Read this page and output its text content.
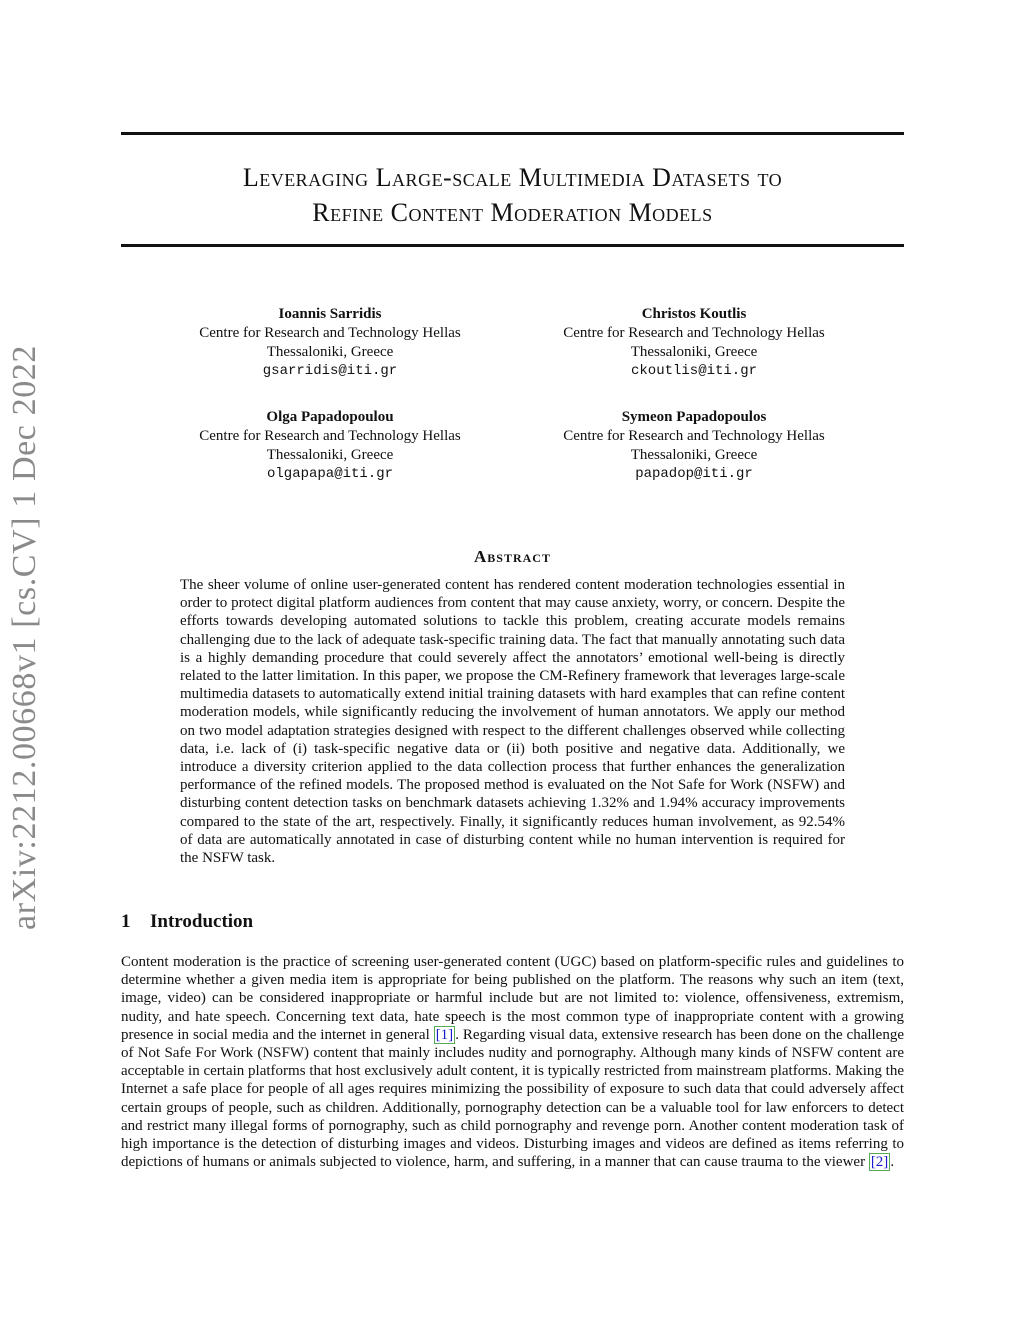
arXiv:2212.00668v1 [cs.CV] 1 Dec 2022
Leveraging Large-scale Multimedia Datasets to
Refine Content Moderation Models
Ioannis Sarridis
Centre for Research and Technology Hellas
Thessaloniki, Greece
gsarridis@iti.gr
Christos Koutlis
Centre for Research and Technology Hellas
Thessaloniki, Greece
ckoutlis@iti.gr
Olga Papadopoulou
Centre for Research and Technology Hellas
Thessaloniki, Greece
olgapapa@iti.gr
Symeon Papadopoulos
Centre for Research and Technology Hellas
Thessaloniki, Greece
papadop@iti.gr
Abstract
The sheer volume of online user-generated content has rendered content moderation technologies essential in order to protect digital platform audiences from content that may cause anxiety, worry, or concern. Despite the efforts towards developing automated solutions to tackle this problem, creating accurate models remains challenging due to the lack of adequate task-specific training data. The fact that manually annotating such data is a highly demanding procedure that could severely affect the annotators’ emotional well-being is directly related to the latter limitation. In this paper, we propose the CM-Refinery framework that leverages large-scale multimedia datasets to automatically extend initial training datasets with hard examples that can refine content moderation models, while significantly reducing the involvement of human annotators. We apply our method on two model adaptation strategies designed with respect to the different challenges observed while collecting data, i.e. lack of (i) task-specific negative data or (ii) both positive and negative data. Additionally, we introduce a diversity criterion applied to the data collection process that further enhances the generalization performance of the refined models. The proposed method is evaluated on the Not Safe for Work (NSFW) and disturbing content detection tasks on benchmark datasets achieving 1.32% and 1.94% accuracy improvements compared to the state of the art, respectively. Finally, it significantly reduces human involvement, as 92.54% of data are automatically annotated in case of disturbing content while no human intervention is required for the NSFW task.
1 Introduction
Content moderation is the practice of screening user-generated content (UGC) based on platform-specific rules and guidelines to determine whether a given media item is appropriate for being published on the platform. The reasons why such an item (text, image, video) can be considered inappropriate or harmful include but are not limited to: violence, offensiveness, extremism, nudity, and hate speech. Concerning text data, hate speech is the most common type of inappropriate content with a growing presence in social media and the internet in general [1] . Regarding visual data, extensive research has been done on the challenge of Not Safe For Work (NSFW) content that mainly includes nudity and pornography. Although many kinds of NSFW content are acceptable in certain platforms that host exclusively adult content, it is typically restricted from mainstream platforms. Making the Internet a safe place for people of all ages requires minimizing the possibility of exposure to such data that could adversely affect certain groups of people, such as children. Additionally, pornography detection can be a valuable tool for law enforcers to detect and restrict many illegal forms of pornography, such as child pornography and revenge porn. Another content moderation task of high importance is the detection of disturbing images and videos. Disturbing images and videos are defined as items referring to depictions of humans or animals subjected to violence, harm, and suffering, in a manner that can cause trauma to the viewer [2] .
